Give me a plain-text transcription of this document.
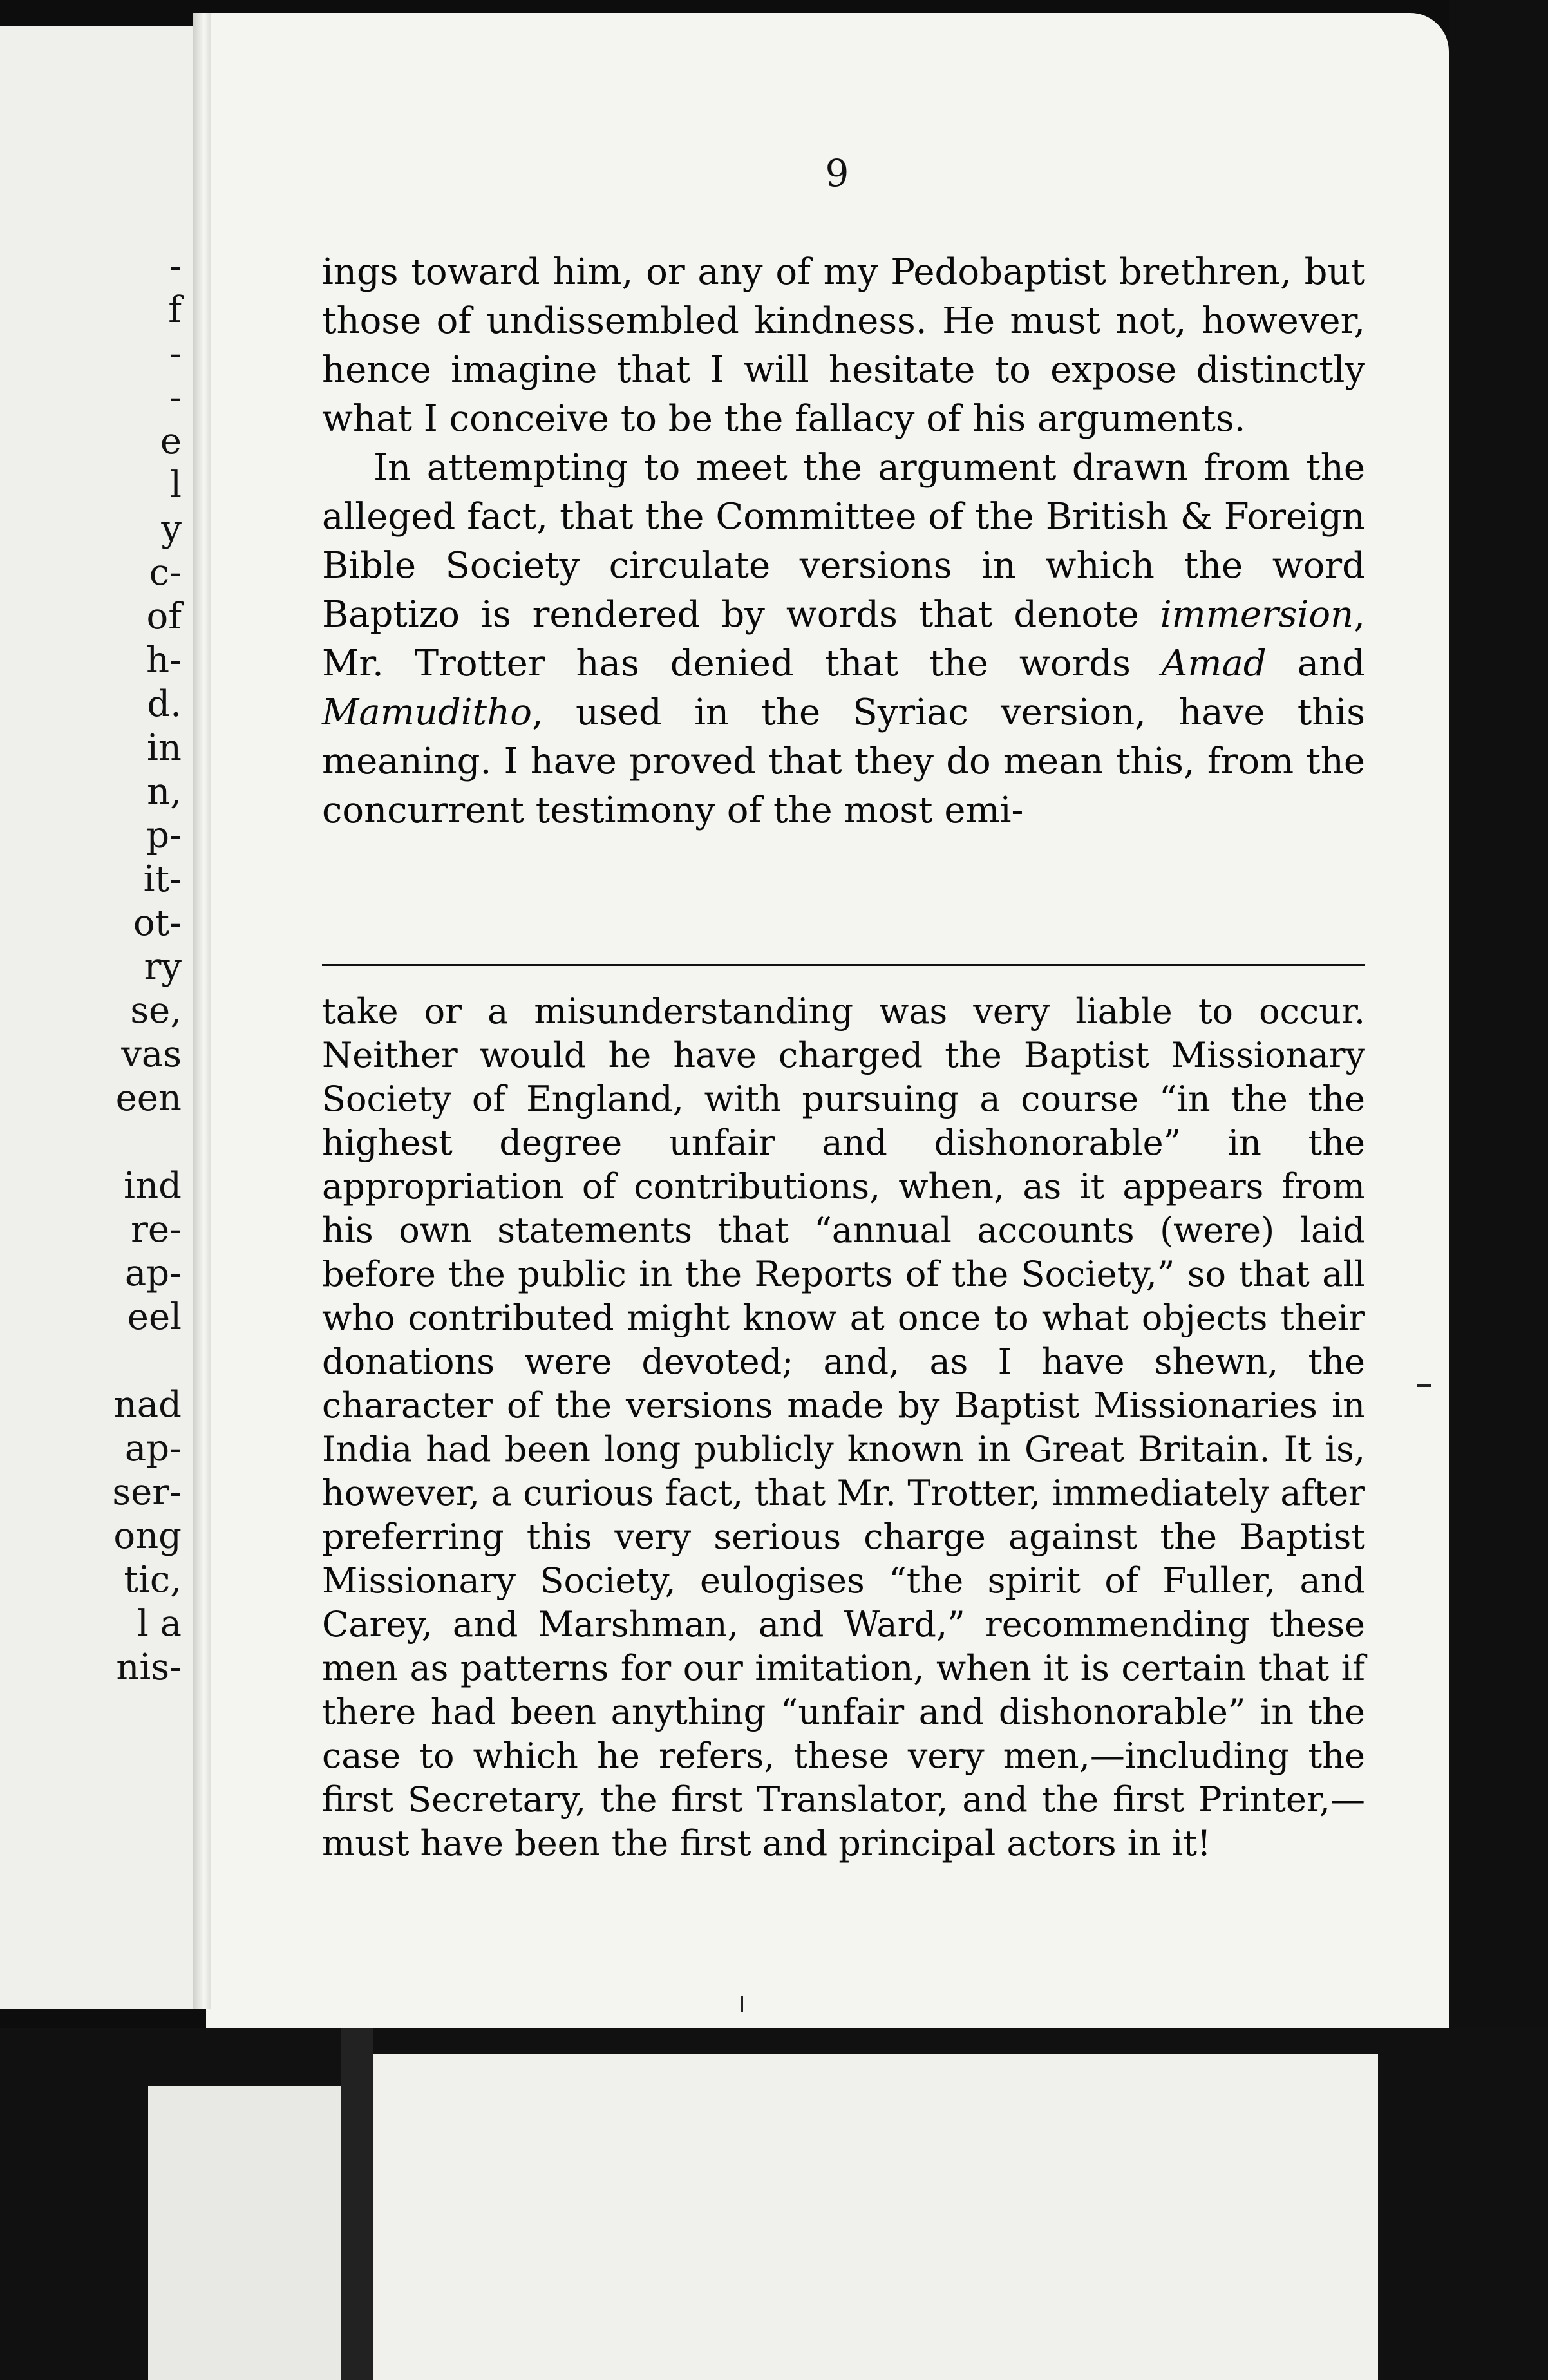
-
f
-
-
e
l
y
c-
of
h-
d.
in
n,
p-
it-
ot-
ry
se,
vas
een

ind
re-
ap-
eel

nad
ap-
ser-
ong
tic,
l a
nis-
9

ings toward him, or any of my Pedobaptist brethren, but those of undissembled kindness. He must not, however, hence imagine that I will hesitate to expose distinctly what I conceive to be the fallacy of his arguments.

In attempting to meet the argument drawn from the alleged fact, that the Committee of the British & Foreign Bible Society circulate versions in which the word Baptizo is rendered by words that denote immersion, Mr. Trotter has denied that the words Amad and Mamuditho, used in the Syriac version, have this meaning. I have proved that they do mean this, from the concurrent testimony of the most emi-

take or a misunderstanding was very liable to occur. Neither would he have charged the Baptist Missionary Society of England, with pursuing a course “in the the highest degree unfair and dishonorable” in the appropriation of contributions, when, as it appears from his own statements that “annual accounts (were) laid before the public in the Reports of the Society,” so that all who contributed might know at once to what objects their donations were devoted; and, as I have shewn, the character of the versions made by Baptist Missionaries in India had been long publicly known in Great Britain. It is, however, a curious fact, that Mr. Trotter, immediately after preferring this very serious charge against the Baptist Missionary Society, eulogises “the spirit of Fuller, and Carey, and Marshman, and Ward,” recommending these men as patterns for our imitation, when it is certain that if there had been anything “unfair and dishonorable” in the case to which he refers, these very men,—including the first Secretary, the first Translator, and the first Printer,—must have been the first and principal actors in it!
